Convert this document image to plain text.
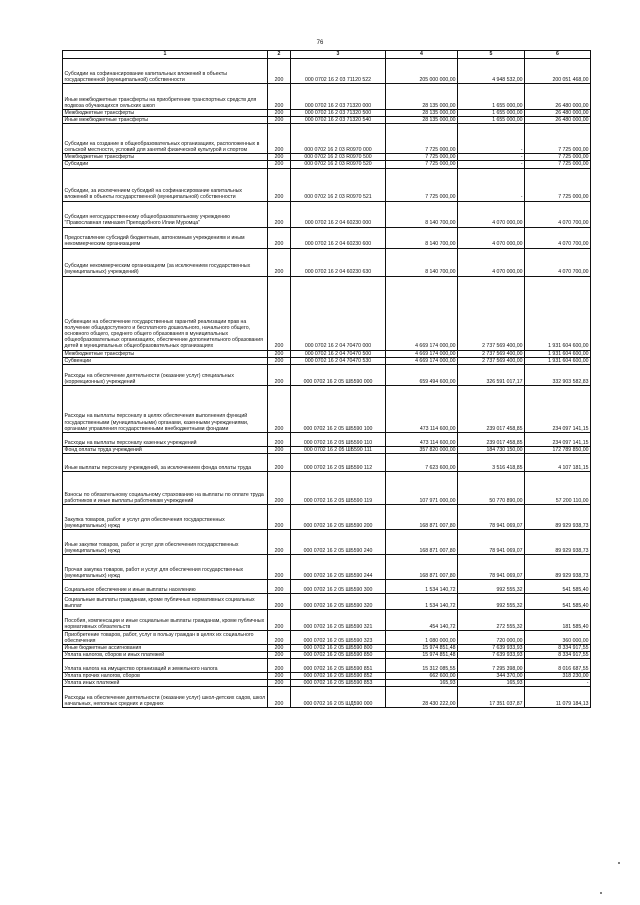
76
1	2	3	4	5	6
Субсидии на софинансирование капитальных вложений в объекты государственной (муниципальной) собственности	200	000 0702 16 2 03 71120 522	205 000 000,00	4 948 532,00	200 051 468,00
Иные межбюджетные трансферты на приобретение транспортных средств для подвоза обучающихся сельских школ	200	000 0702 16 2 03 71320 000	28 135 000,00	1 655 000,00	26 480 000,00
Межбюджетные трансферты	200	000 0702 16 2 03 71320 500	28 135 000,00	1 655 000,00	26 480 000,00
Иные межбюджетные трансферты	200	000 0702 16 2 03 71320 540	28 135 000,00	1 655 000,00	26 480 000,00
Субсидии на создание в общеобразовательных организациях, расположенных в сельской местности, условий для занятий физической культурой и спортом	200	000 0702 16 2 03 R0970 000	7 725 000,00	-	7 725 000,00
Межбюджетные трансферты	200	000 0702 16 2 03 R0970 500	7 725 000,00	-	7 725 000,00
Субсидии	200	000 0702 16 2 03 R0970 520	7 725 000,00	-	7 725 000,00
Субсидии, за исключением субсидий на софинансирование капитальных вложений в объекты государственной (муниципальной) собственности	200	000 0702 16 2 03 R0970 521	7 725 000,00	-	7 725 000,00
Субсидия негосударственному общеобразовательному учреждению "Православная гимназия Преподобного Илии Муромца"	200	000 0702 16 2 04 60230 000	8 140 700,00	4 070 000,00	4 070 700,00
Предоставление субсидий бюджетным, автономным учреждениям и иным некоммерческим организациям	200	000 0702 16 2 04 60230 600	8 140 700,00	4 070 000,00	4 070 700,00
Субсидии некоммерческим организациям (за исключением государственных (муниципальных) учреждений)	200	000 0702 16 2 04 60230 630	8 140 700,00	4 070 000,00	4 070 700,00
Субвенции на обеспечение государственных гарантий реализации прав на получение общедоступного и бесплатного дошкольного, начального общего, основного общего, среднего общего образования в муниципальных общеобразовательных организациях, обеспечение дополнительного образования детей в муниципальных общеобразовательных организациях	200	000 0702 16 2 04 70470 000	4 669 174 000,00	2 737 569 400,00	1 931 604 600,00
Межбюджетные трансферты	200	000 0702 16 2 04 70470 500	4 669 174 000,00	2 737 569 400,00	1 931 604 600,00
Субвенции	200	000 0702 16 2 04 70470 530	4 669 174 000,00	2 737 569 400,00	1 931 604 600,00
Расходы на обеспечение деятельности (оказание услуг) специальных (коррекционных) учреждений	200	000 0702 16 2 05 ШБ590 000	659 494 600,00	326 591 017,17	332 903 582,83
Расходы на выплаты персоналу в целях обеспечения выполнения функций государственными (муниципальными) органами, казенными учреждениями, органами управления государственными внебюджетными фондами	200	000 0702 16 2 05 ШБ590 100	473 114 600,00	239 017 458,85	234 097 141,15
Расходы на выплаты персоналу казенных учреждений	200	000 0702 16 2 05 ШБ590 110	473 114 600,00	239 017 458,85	234 097 141,15
Фонд оплаты труда учреждений	200	000 0702 16 2 05 ШБ590 111	357 820 000,00	184 730 150,00	172 789 850,00
Иные выплаты персоналу учреждений, за исключением фонда оплаты труда	200	000 0702 16 2 05 ШБ590 112	7 623 600,00	3 516 418,85	4 107 181,15
Взносы по обязательному социальному страхованию на выплаты по оплате труда работников и иные выплаты работникам учреждений	200	000 0702 16 2 05 ШБ590 119	107 971 000,00	50 770 890,00	57 200 110,00
Закупка товаров, работ и услуг для обеспечения государственных (муниципальных) нужд	200	000 0702 16 2 05 ШБ590 200	168 871 007,80	78 941 069,07	89 929 938,73
Иные закупки товаров, работ и услуг для обеспечения государственных (муниципальных) нужд	200	000 0702 16 2 05 ШБ590 240	168 871 007,80	78 941 069,07	89 929 938,73
Прочая закупка товаров, работ и услуг для обеспечения государственных (муниципальных) нужд	200	000 0702 16 2 05 ШБ590 244	168 871 007,80	78 941 069,07	89 929 938,73
Социальное обеспечение и иные выплаты населению	200	000 0702 16 2 05 ШБ590 300	1 534 140,72	992 555,32	541 585,40
Социальные выплаты гражданам, кроме публичных нормативных социальных выплат	200	000 0702 16 2 05 ШБ590 320	1 534 140,72	992 555,32	541 585,40
Пособия, компенсации и иные социальные выплаты гражданам, кроме публичных нормативных обязательств	200	000 0702 16 2 05 ШБ590 321	454 140,72	272 555,32	181 585,40
Приобретение товаров, работ, услуг в пользу граждан в целях их социального обеспечения	200	000 0702 16 2 05 ШБ590 323	1 080 000,00	720 000,00	360 000,00
Иные бюджетные ассигнования	200	000 0702 16 2 05 ШБ590 800	15 974 851,48	7 639 933,93	8 334 917,55
Уплата налогов, сборов и иных платежей	200	000 0702 16 2 05 ШБ590 850	15 974 851,48	7 639 933,93	8 334 917,55
Уплата налога на имущество организаций и земельного налога	200	000 0702 16 2 05 ШБ590 851	15 312 085,55	7 295 398,00	8 016 687,55
Уплата прочих налогов, сборов	200	000 0702 16 2 05 ШБ590 852	662 600,00	344 370,00	318 230,00
Уплата иных платежей	200	000 0702 16 2 05 ШБ590 853	165,93	165,93	-
Расходы на обеспечение деятельности (оказание услуг) школ-детских садов, школ начальных, неполных средних и средних	200	000 0702 16 2 05 ШД590 000	28 430 222,00	17 351 037,87	11 079 184,13
